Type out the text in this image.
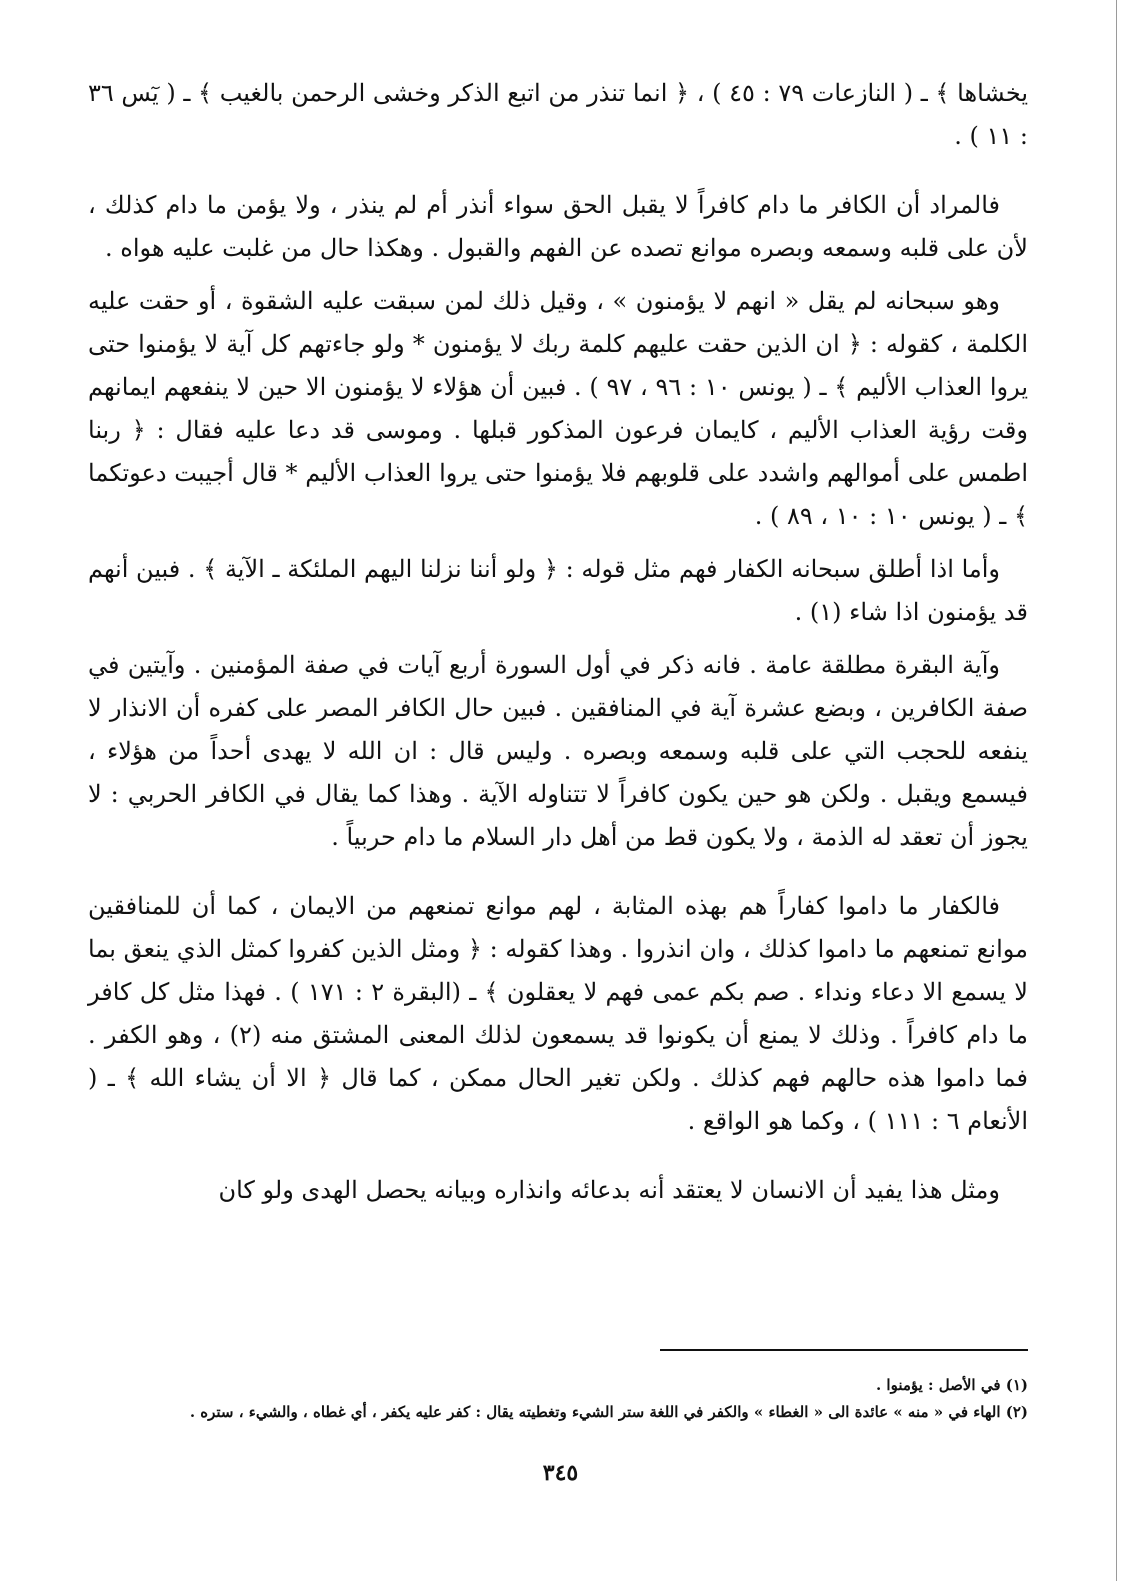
يخشاها ﴾ ـ ( النازعات ٧٩ : ٤٥ ) ، ﴿ انما تنذر من اتبع الذكر وخشى الرحمن بالغيب ﴾ ـ ( يٓس ٣٦ : ١١ ) .

فالمراد أن الكافر ما دام كافراً لا يقبل الحق سواء أنذر أم لم ينذر ، ولا يؤمن ما دام كذلك ، لأن على قلبه وسمعه وبصره موانع تصده عن الفهم والقبول . وهكذا حال من غلبت عليه هواه .

وهو سبحانه لم يقل « انهم لا يؤمنون » ، وقيل ذلك لمن سبقت عليه الشقوة ، أو حقت عليه الكلمة ، كقوله : ﴿ ان الذين حقت عليهم كلمة ربك لا يؤمنون * ولو جاءتهم كل آية لا يؤمنوا حتى يروا العذاب الأليم ﴾ ـ ( يونس ١٠ : ٩٦ ، ٩٧ ) . فبين أن هؤلاء لا يؤمنون الا حين لا ينفعهم ايمانهم وقت رؤية العذاب الأليم ، كايمان فرعون المذكور قبلها . وموسى قد دعا عليه فقال : ﴿ ربنا اطمس على أموالهم واشدد على قلوبهم فلا يؤمنوا حتى يروا العذاب الأليم * قال أجيبت دعوتكما ﴾ ـ ( يونس ١٠ : ١٠ ، ٨٩ ) .

وأما اذا أطلق سبحانه الكفار فهم مثل قوله : ﴿ ولو أننا نزلنا اليهم الملئكة ـ الآية ﴾ . فبين أنهم قد يؤمنون اذا شاء (١) .

وآية البقرة مطلقة عامة . فانه ذكر في أول السورة أربع آيات في صفة المؤمنين . وآيتين في صفة الكافرين ، وبضع عشرة آية في المنافقين . فبين حال الكافر المصر على كفره أن الانذار لا ينفعه للحجب التي على قلبه وسمعه وبصره . وليس قال : ان الله لا يهدى أحداً من هؤلاء ، فيسمع ويقبل . ولكن هو حين يكون كافراً لا تتناوله الآية . وهذا كما يقال في الكافر الحربي : لا يجوز أن تعقد له الذمة ، ولا يكون قط من أهل دار السلام ما دام حربياً .

فالكفار ما داموا كفاراً هم بهذه المثابة ، لهم موانع تمنعهم من الايمان ، كما أن للمنافقين موانع تمنعهم ما داموا كذلك ، وان انذروا . وهذا كقوله : ﴿ ومثل الذين كفروا كمثل الذي ينعق بما لا يسمع الا دعاء ونداء . صم بكم عمى فهم لا يعقلون ﴾ ـ (البقرة ٢ : ١٧١ ) . فهذا مثل كل كافر ما دام كافراً . وذلك لا يمنع أن يكونوا قد يسمعون لذلك المعنى المشتق منه (٢) ، وهو الكفر . فما داموا هذه حالهم فهم كذلك . ولكن تغير الحال ممكن ، كما قال ﴿ الا أن يشاء الله ﴾ ـ ( الأنعام ٦ : ١١١ ) ، وكما هو الواقع .

ومثل هذا يفيد أن الانسان لا يعتقد أنه بدعائه وانذاره وبيانه يحصل الهدى ولو كان

(١) في الأصل : يؤمنوا .

(٢) الهاء في « منه » عائدة الى « الغطاء » والكفر في اللغة ستر الشيء وتغطيته يقال : كفر عليه يكفر ، أي غطاه ، والشيء ، ستره .

٣٤٥
